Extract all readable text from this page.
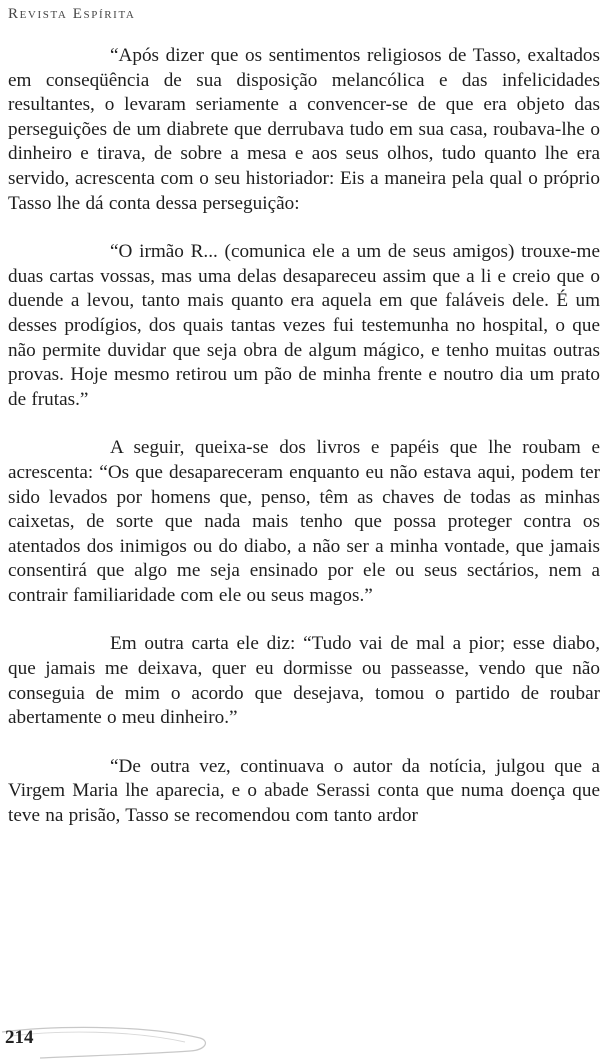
Revista Espírita

“Após dizer que os sentimentos religiosos de Tasso, exaltados em conseqüência de sua disposição melancólica e das infelicidades resultantes, o levaram seriamente a convencer-se de que era objeto das perseguições de um diabrete que derrubava tudo em sua casa, roubava-lhe o dinheiro e tirava, de sobre a mesa e aos seus olhos, tudo quanto lhe era servido, acrescenta com o seu historiador: Eis a maneira pela qual o próprio Tasso lhe dá conta dessa perseguição:

“O irmão R... (comunica ele a um de seus amigos) trouxe-me duas cartas vossas, mas uma delas desapareceu assim que a li e creio que o duende a levou, tanto mais quanto era aquela em que faláveis dele. É um desses prodígios, dos quais tantas vezes fui testemunha no hospital, o que não permite duvidar que seja obra de algum mágico, e tenho muitas outras provas. Hoje mesmo retirou um pão de minha frente e noutro dia um prato de frutas.”

A seguir, queixa-se dos livros e papéis que lhe roubam e acrescenta: “Os que desapareceram enquanto eu não estava aqui, podem ter sido levados por homens que, penso, têm as chaves de todas as minhas caixetas, de sorte que nada mais tenho que possa proteger contra os atentados dos inimigos ou do diabo, a não ser a minha vontade, que jamais consentirá que algo me seja ensinado por ele ou seus sectários, nem a contrair familiaridade com ele ou seus magos.”

Em outra carta ele diz: “Tudo vai de mal a pior; esse diabo, que jamais me deixava, quer eu dormisse ou passeasse, vendo que não conseguia de mim o acordo que desejava, tomou o partido de roubar abertamente o meu dinheiro.”

“De outra vez, continuava o autor da notícia, julgou que a Virgem Maria lhe aparecia, e o abade Serassi conta que numa doença que teve na prisão, Tasso se recomendou com tanto ardor

214
